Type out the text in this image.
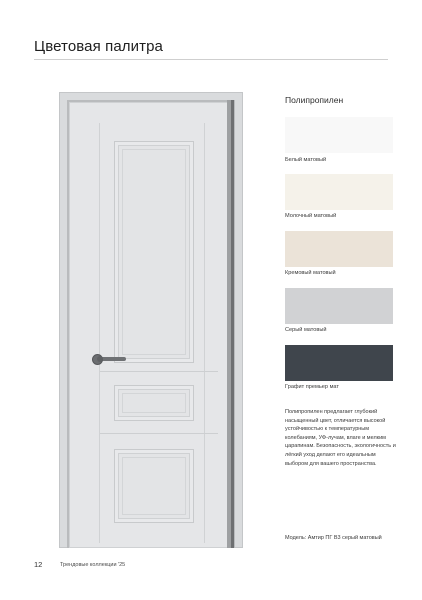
Цветовая палитра
Полипропилен
Белый матовый
Молочный матовый
Кремовый матовый
Серый матовый
Графит премьер мат
Полипропилен предлагает глубокий насыщенный цвет, отличается высокой устойчивостью к температурным колебаниям, УФ-лучам, влаге и мелким царапинам. Безопасность, экологичность и лёгкий уход делают его идеальным выбором для вашего пространства.
Модель: Амтир ПГ В3 серый матовый
12	Трендовые коллекции '25
